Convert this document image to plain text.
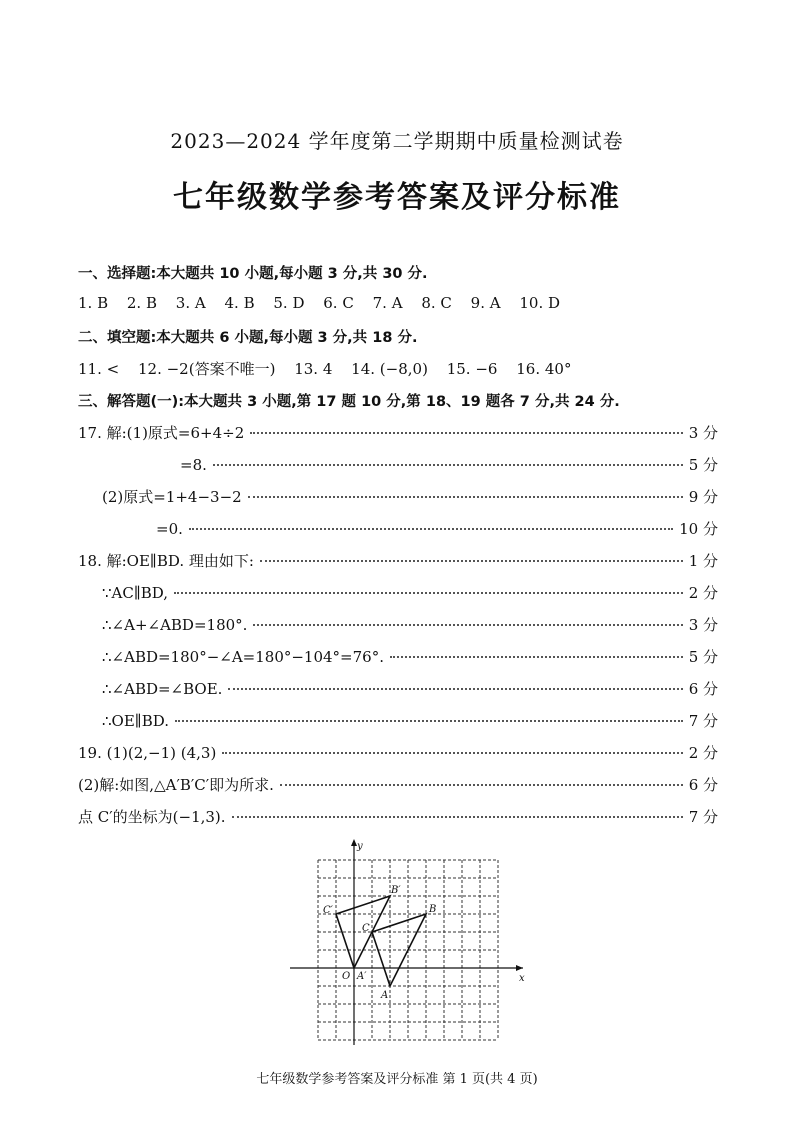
2023—2024 学年度第二学期期中质量检测试卷
七年级数学参考答案及评分标准
一、选择题:本大题共 10 小题,每小题 3 分,共 30 分.
1. B 2. B 3. A 4. B 5. D 6. C 7. A 8. C 9. A 10. D
二、填空题:本大题共 6 小题,每小题 3 分,共 18 分.
11. < 12. −2(答案不唯一) 13. 4 14. (−8,0) 15. −6 16. 40°
三、解答题(一):本大题共 3 小题,第 17 题 10 分,第 18、19 题各 7 分,共 24 分.
17. 解:(1)原式=6+4÷2	3 分
=8.	5 分
(2)原式=1+4−3−2	9 分
=0.	10 分
18. 解:OE∥BD. 理由如下:	1 分
∵AC∥BD,	2 分
∴∠A+∠ABD=180°.	3 分
∴∠ABD=180°−∠A=180°−104°=76°.	5 分
∴∠ABD=∠BOE.	6 分
∴OE∥BD.	7 分
19. (1)(2,−1) (4,3)	2 分
(2)解:如图,△A′B′C′即为所求.	6 分
点 C′的坐标为(−1,3).	7 分
y
x
O
A
B
C
A′
B′
C′
七年级数学参考答案及评分标准 第 1 页(共 4 页)
